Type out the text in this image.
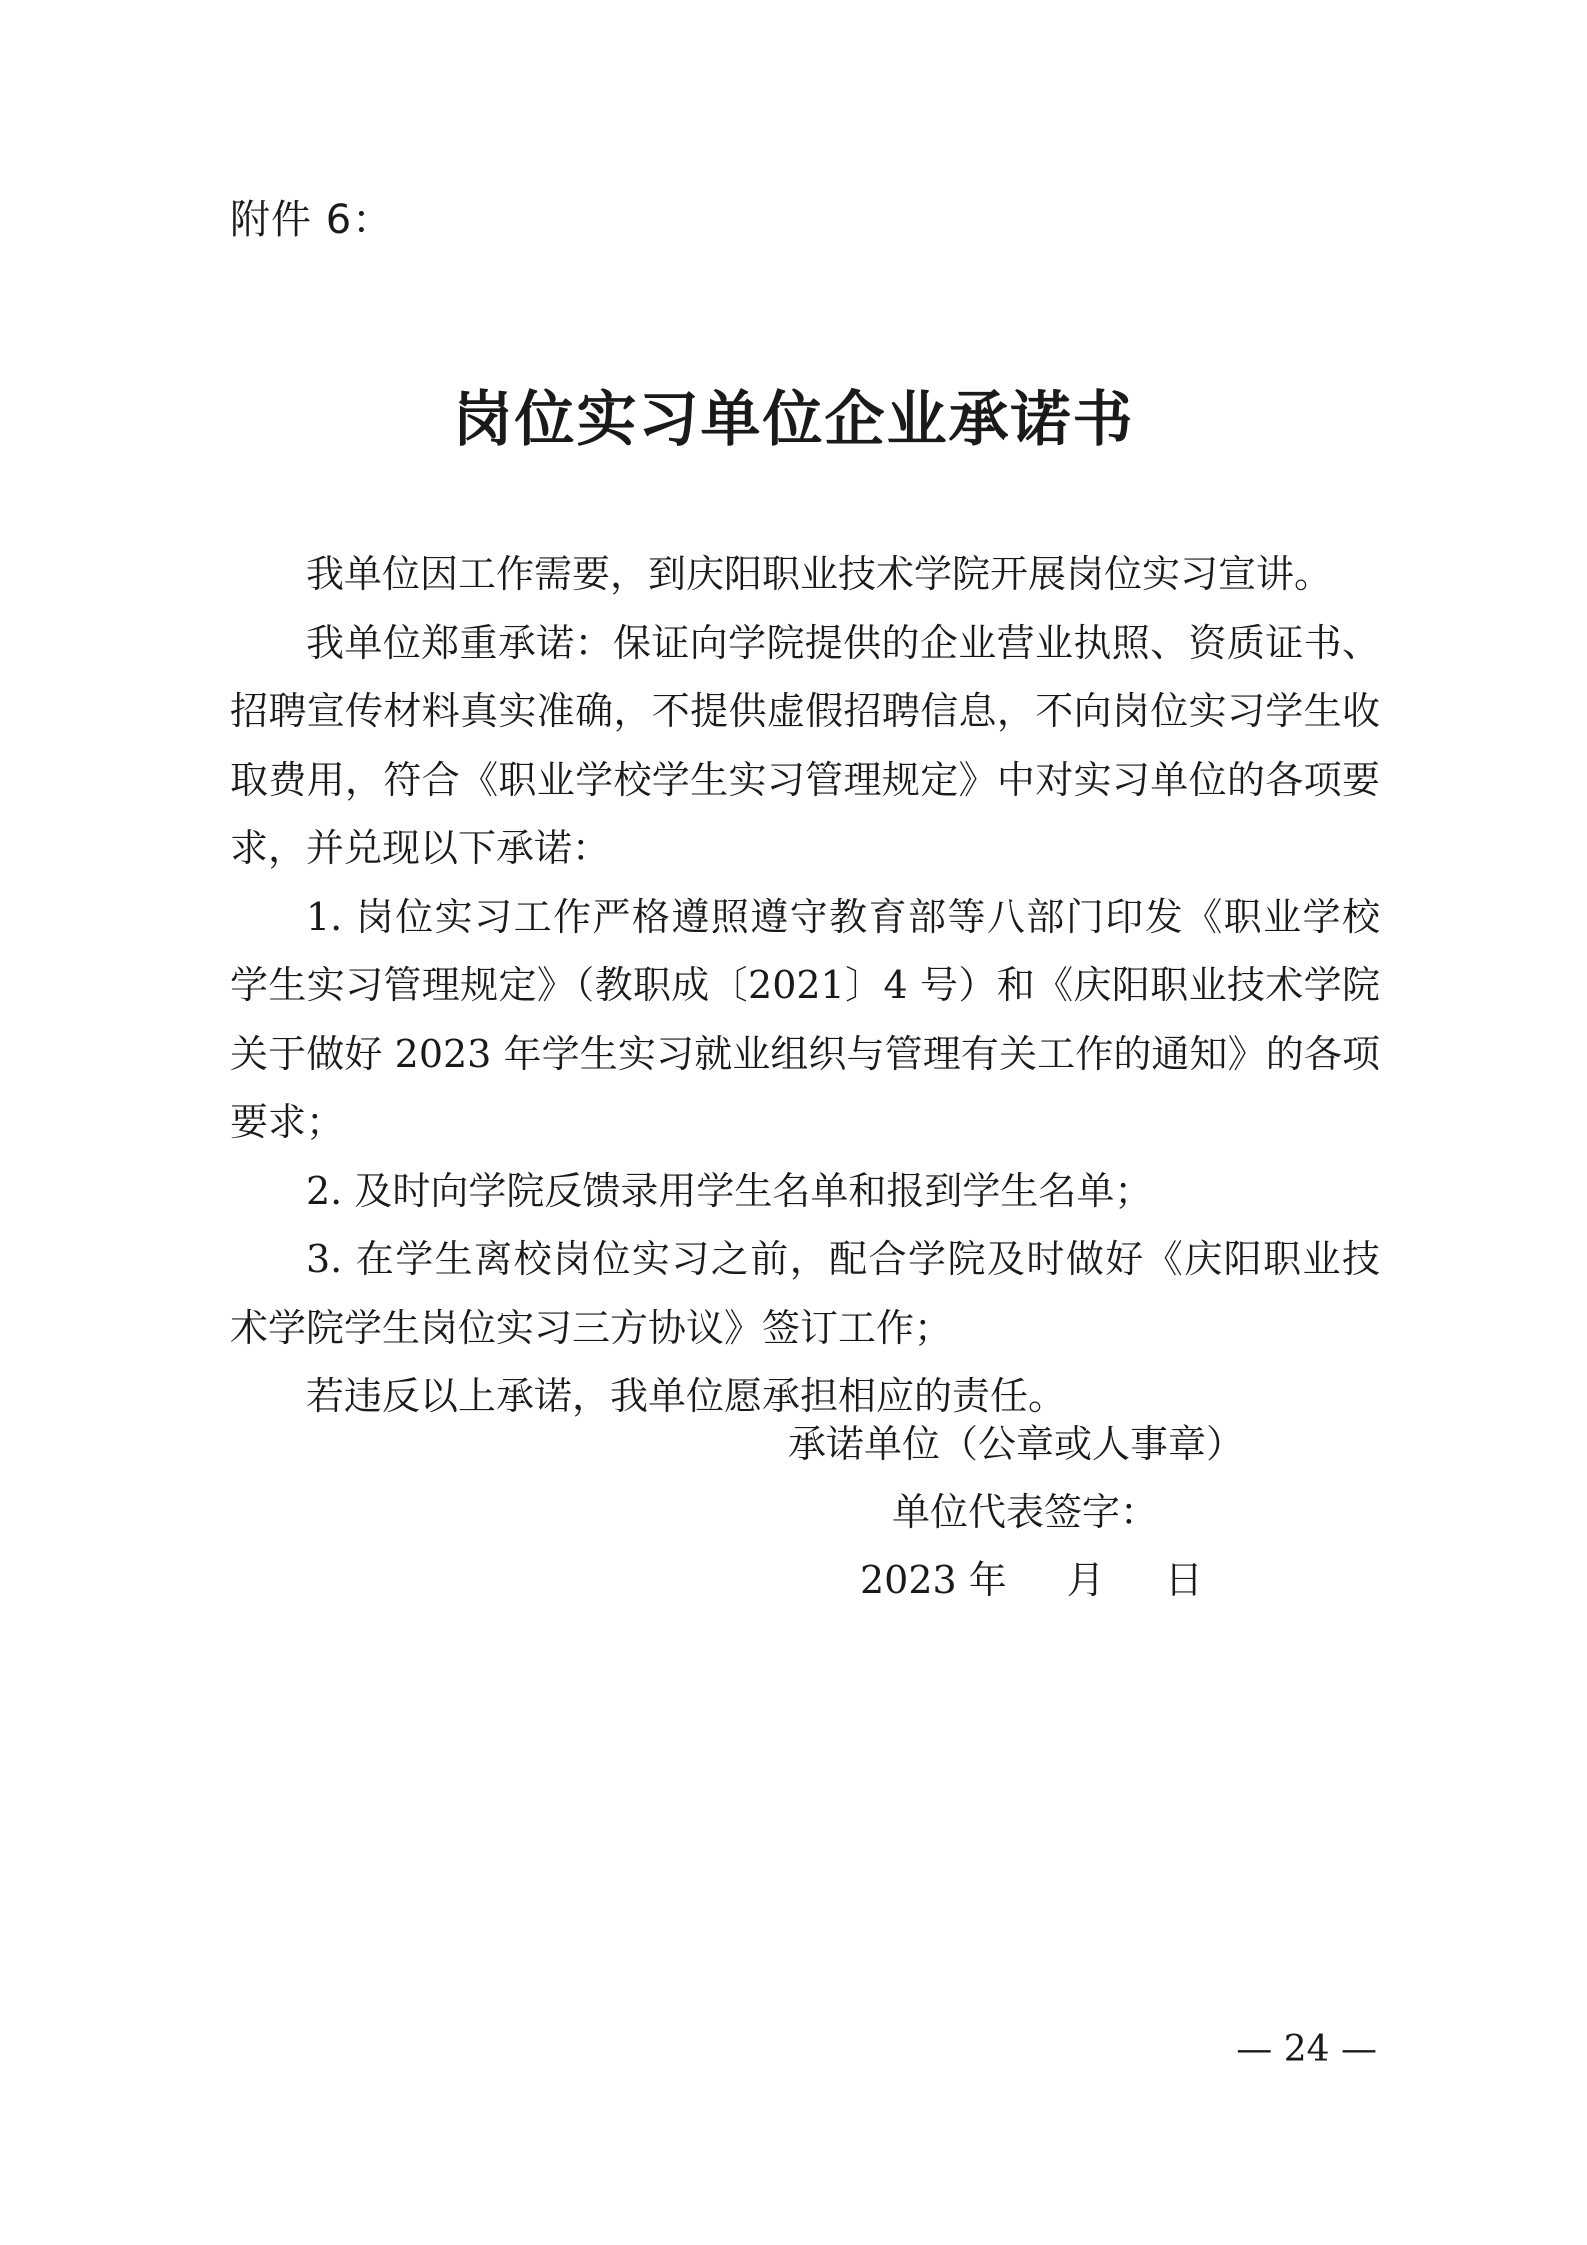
附件 6：
岗位实习单位企业承诺书

我单位因工作需要，到庆阳职业技术学院开展岗位实习宣讲。

我单位郑重承诺：保证向学院提供的企业营业执照、资质证书、招聘宣传材料真实准确，不提供虚假招聘信息，不向岗位实习学生收取费用，符合《职业学校学生实习管理规定》中对实习单位的各项要求，并兑现以下承诺：

1. 岗位实习工作严格遵照遵守教育部等八部门印发《职业学校学生实习管理规定》（教职成〔2021〕4 号）和《庆阳职业技术学院关于做好 2023 年学生实习就业组织与管理有关工作的通知》的各项要求；

2. 及时向学院反馈录用学生名单和报到学生名单；

3. 在学生离校岗位实习之前，配合学院及时做好《庆阳职业技术学院学生岗位实习三方协议》签订工作；

若违反以上承诺，我单位愿承担相应的责任。

承诺单位（公章或人事章）
单位代表签字：
2023 年 月 日
— 24 —
